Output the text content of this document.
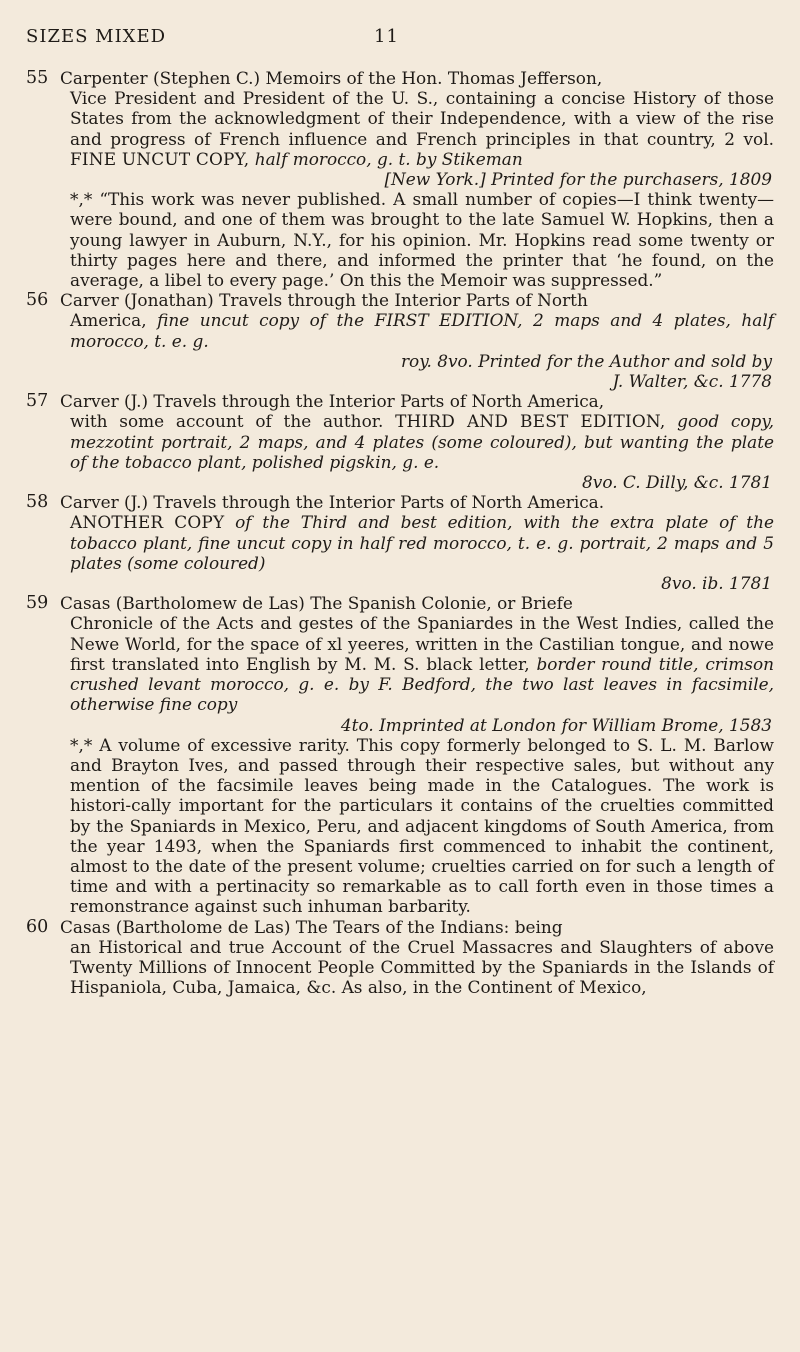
SIZES MIXED	11
55 Carpenter (Stephen C.) Memoirs of the Hon. Thomas Jefferson,
Vice President and President of the U. S., containing a concise History of those States from the acknowledgment of their Independence, with a view of the rise and progress of French influence and French principles in that country, 2 vol. FINE UNCUT COPY, half morocco, g. t. by Stikeman
[New York.] Printed for the purchasers, 1809
*,* “This work was never published. A small number of copies—I think twenty—were bound, and one of them was brought to the late Samuel W. Hopkins, then a young lawyer in Auburn, N.Y., for his opinion. Mr. Hopkins read some twenty or thirty pages here and there, and informed the printer that ‘he found, on the average, a libel to every page.’ On this the Memoir was suppressed.”
56 Carver (Jonathan) Travels through the Interior Parts of North
America, fine uncut copy of the FIRST EDITION, 2 maps and 4 plates, half morocco, t. e. g.
roy. 8vo. Printed for the Author and sold by
J. Walter, &c. 1778
57 Carver (J.) Travels through the Interior Parts of North America,
with some account of the author. THIRD AND BEST EDITION, good copy, mezzotint portrait, 2 maps, and 4 plates (some coloured), but wanting the plate of the tobacco plant, polished pigskin, g. e.
8vo. C. Dilly, &c. 1781
58 Carver (J.) Travels through the Interior Parts of North America.
ANOTHER COPY of the Third and best edition, with the extra plate of the tobacco plant, fine uncut copy in half red morocco, t. e. g. portrait, 2 maps and 5 plates (some coloured)
8vo. ib. 1781
59 Casas (Bartholomew de Las) The Spanish Colonie, or Briefe
Chronicle of the Acts and gestes of the Spaniardes in the West Indies, called the Newe World, for the space of xl yeeres, written in the Castilian tongue, and nowe first translated into English by M. M. S. black letter, border round title, crimson crushed levant morocco, g. e. by F. Bedford, the two last leaves in facsimile, otherwise fine copy
4to. Imprinted at London for William Brome, 1583
*,* A volume of excessive rarity. This copy formerly belonged to S. L. M. Barlow and Brayton Ives, and passed through their respective sales, but without any mention of the facsimile leaves being made in the Catalogues. The work is histori-cally important for the particulars it contains of the cruelties committed by the Spaniards in Mexico, Peru, and adjacent kingdoms of South America, from the year 1493, when the Spaniards first commenced to inhabit the continent, almost to the date of the present volume; cruelties carried on for such a length of time and with a pertinacity so remarkable as to call forth even in those times a remonstrance against such inhuman barbarity.
60 Casas (Bartholome de Las) The Tears of the Indians: being
an Historical and true Account of the Cruel Massacres and Slaughters of above Twenty Millions of Innocent People Committed by the Spaniards in the Islands of Hispaniola, Cuba, Jamaica, &c. As also, in the Continent of Mexico,
